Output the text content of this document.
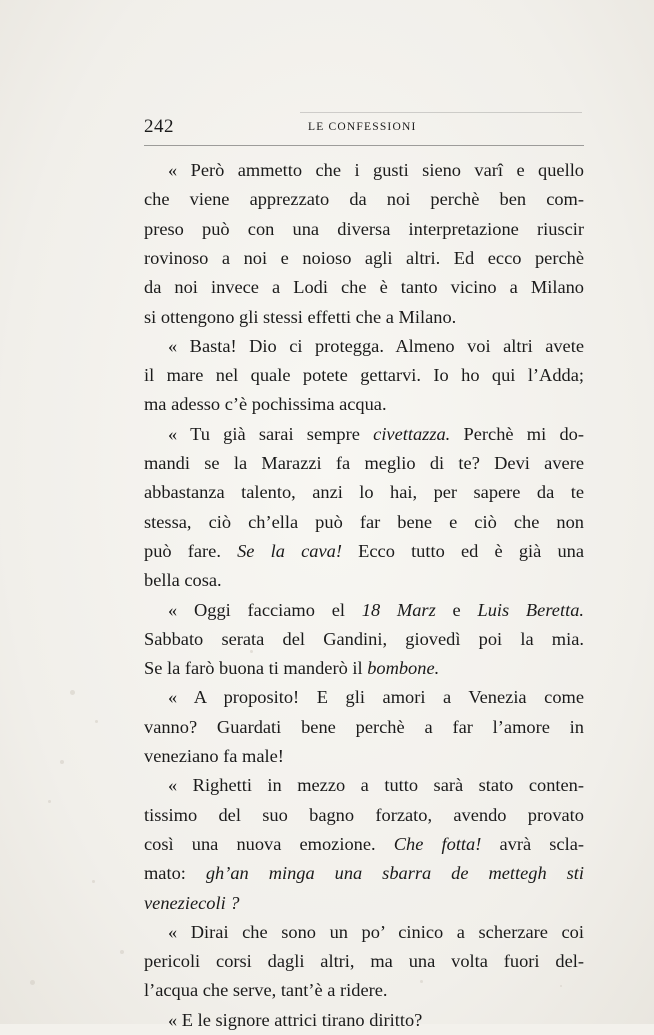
242	LE CONFESSIONI
« Però ammetto che i gusti sieno varî e quello
che viene apprezzato da noi perchè ben com-
preso può con una diversa interpretazione riuscir
rovinoso a noi e noioso agli altri. Ed ecco perchè
da noi invece a Lodi che è tanto vicino a Milano
si ottengono gli stessi effetti che a Milano.
« Basta! Dio ci protegga. Almeno voi altri avete
il mare nel quale potete gettarvi. Io ho qui l’Adda;
ma adesso c’è pochissima acqua.
« Tu già sarai sempre civettazza. Perchè mi do-
mandi se la Marazzi fa meglio di te? Devi avere
abbastanza talento, anzi lo hai, per sapere da te
stessa, ciò ch’ella può far bene e ciò che non
può fare. Se la cava! Ecco tutto ed è già una
bella cosa.
« Oggi facciamo el 18 Marz e Luis Beretta.
Sabbato serata del Gandini, giovedì poi la mia.
Se la farò buona ti manderò il bombone.
« A proposito! E gli amori a Venezia come
vanno? Guardati bene perchè a far l’amore in
veneziano fa male!
« Righetti in mezzo a tutto sarà stato conten-
tissimo del suo bagno forzato, avendo provato
così una nuova emozione. Che fotta! avrà scla-
mato: gh’an minga una sbarra de mettegh sti
veneziecoli ?
« Dirai che sono un po’ cinico a scherzare coi
pericoli corsi dagli altri, ma una volta fuori del-
l’acqua che serve, tant’è a ridere.
« E le signore attrici tirano diritto?
